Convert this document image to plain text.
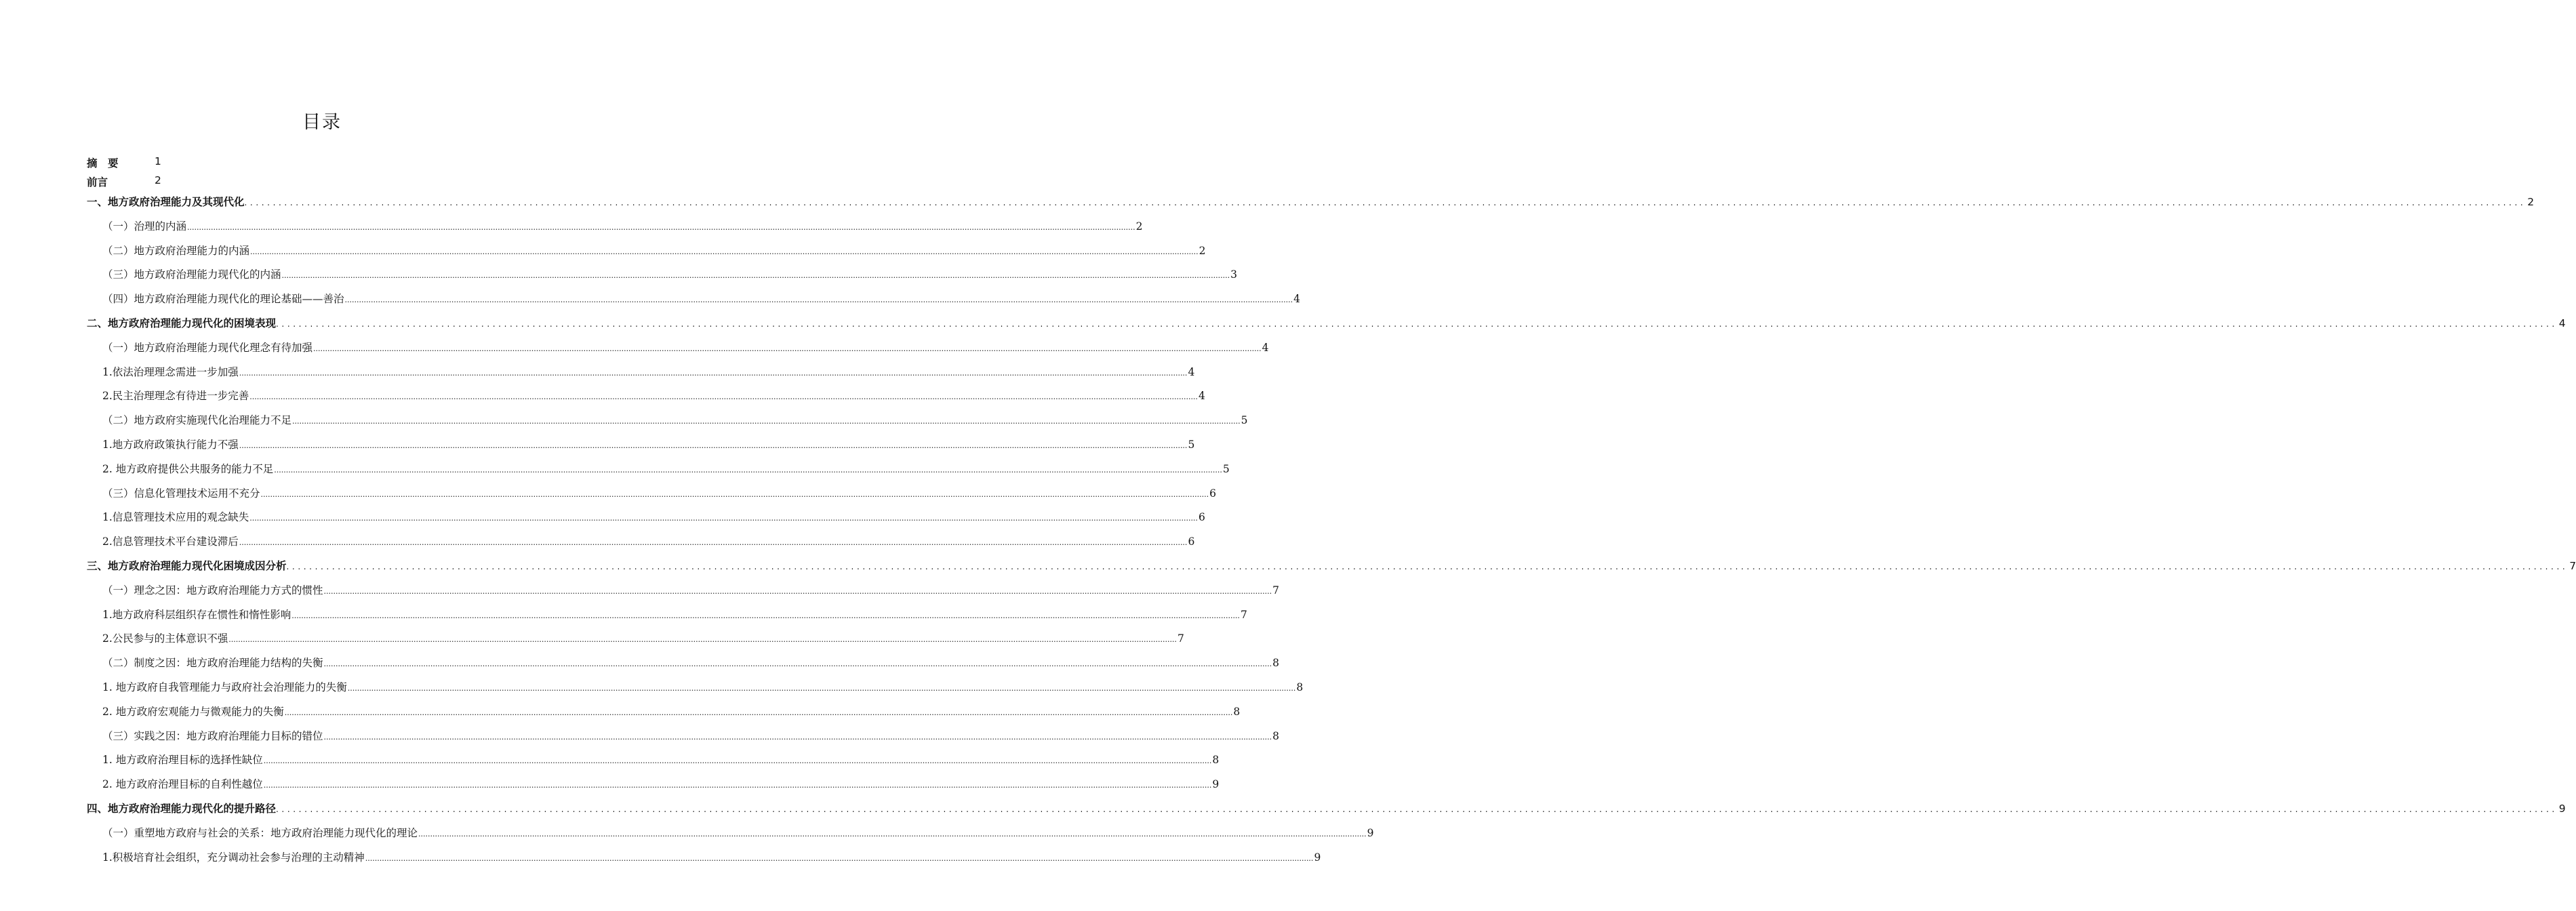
目录
摘　要	1
前言	2
一、地方政府治理能力及其现代化 ................................................................................................................................................................................................................................................................................................................................................................................................................ 2
（一）治理的内涵 ................................................................................................................................................................................................................................................................................................................................................................................................................ 2
（二）地方政府治理能力的内涵 ................................................................................................................................................................................................................................................................................................................................................................................................................ 2
（三）地方政府治理能力现代化的内涵 ................................................................................................................................................................................................................................................................................................................................................................................................................ 3
（四）地方政府治理能力现代化的理论基础——善治 ................................................................................................................................................................................................................................................................................................................................................................................................................ 4
二、地方政府治理能力现代化的困境表现 ................................................................................................................................................................................................................................................................................................................................................................................................................ 4
（一）地方政府治理能力现代化理念有待加强 ................................................................................................................................................................................................................................................................................................................................................................................................................ 4
1.依法治理理念需进一步加强 ................................................................................................................................................................................................................................................................................................................................................................................................................ 4
2.民主治理理念有待进一步完善 ................................................................................................................................................................................................................................................................................................................................................................................................................ 4
（二）地方政府实施现代化治理能力不足 ................................................................................................................................................................................................................................................................................................................................................................................................................ 5
1.地方政府政策执行能力不强 ................................................................................................................................................................................................................................................................................................................................................................................................................ 5
2. 地方政府提供公共服务的能力不足 ................................................................................................................................................................................................................................................................................................................................................................................................................ 5
（三）信息化管理技术运用不充分 ................................................................................................................................................................................................................................................................................................................................................................................................................ 6
1.信息管理技术应用的观念缺失 ................................................................................................................................................................................................................................................................................................................................................................................................................ 6
2.信息管理技术平台建设滞后 ................................................................................................................................................................................................................................................................................................................................................................................................................ 6
三、地方政府治理能力现代化困境成因分析 ................................................................................................................................................................................................................................................................................................................................................................................................................ 7
（一）理念之因：地方政府治理能力方式的惯性 ................................................................................................................................................................................................................................................................................................................................................................................................................ 7
1.地方政府科层组织存在惯性和惰性影响 ................................................................................................................................................................................................................................................................................................................................................................................................................ 7
2.公民参与的主体意识不强 ................................................................................................................................................................................................................................................................................................................................................................................................................ 7
（二）制度之因：地方政府治理能力结构的失衡 ................................................................................................................................................................................................................................................................................................................................................................................................................ 8
1. 地方政府自我管理能力与政府社会治理能力的失衡 ................................................................................................................................................................................................................................................................................................................................................................................................................ 8
2. 地方政府宏观能力与微观能力的失衡 ................................................................................................................................................................................................................................................................................................................................................................................................................ 8
（三）实践之因：地方政府治理能力目标的错位 ................................................................................................................................................................................................................................................................................................................................................................................................................ 8
1. 地方政府治理目标的选择性缺位 ................................................................................................................................................................................................................................................................................................................................................................................................................ 8
2. 地方政府治理目标的自利性越位 ................................................................................................................................................................................................................................................................................................................................................................................................................ 9
四、地方政府治理能力现代化的提升路径 ................................................................................................................................................................................................................................................................................................................................................................................................................ 9
（一）重塑地方政府与社会的关系：地方政府治理能力现代化的理论 ................................................................................................................................................................................................................................................................................................................................................................................................................ 9
1.积极培育社会组织，充分调动社会参与治理的主动精神 ................................................................................................................................................................................................................................................................................................................................................................................................................ 9
